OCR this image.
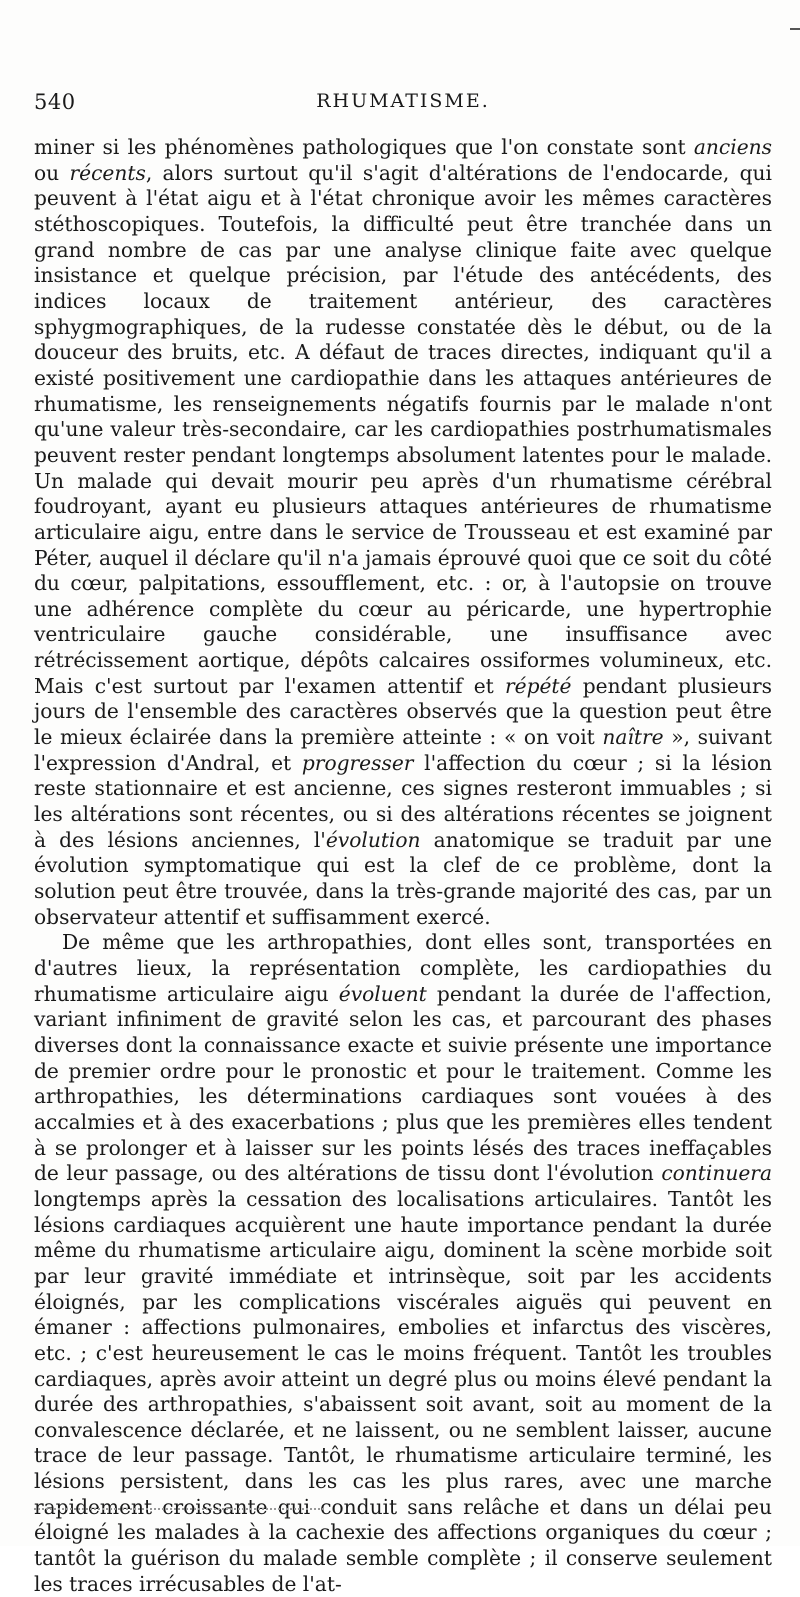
540	RHUMATISME.

miner si les phénomènes pathologiques que l'on constate sont anciens ou récents, alors surtout qu'il s'agit d'altérations de l'endocarde, qui peuvent à l'état aigu et à l'état chronique avoir les mêmes caractères stéthoscopiques. Toutefois, la difficulté peut être tranchée dans un grand nombre de cas par une analyse clinique faite avec quelque insistance et quelque précision, par l'étude des antécédents, des indices locaux de traitement antérieur, des caractères sphygmographiques, de la rudesse constatée dès le début, ou de la douceur des bruits, etc. A défaut de traces directes, indiquant qu'il a existé positivement une cardiopathie dans les attaques antérieures de rhumatisme, les renseignements négatifs fournis par le malade n'ont qu'une valeur très-secondaire, car les cardiopathies postrhumatismales peuvent rester pendant longtemps absolument latentes pour le malade. Un malade qui devait mourir peu après d'un rhumatisme cérébral foudroyant, ayant eu plusieurs attaques antérieures de rhumatisme articulaire aigu, entre dans le service de Trousseau et est examiné par Péter, auquel il déclare qu'il n'a jamais éprouvé quoi que ce soit du côté du cœur, palpitations, essoufflement, etc. : or, à l'autopsie on trouve une adhérence complète du cœur au péricarde, une hypertrophie ventriculaire gauche considérable, une insuffisance avec rétrécissement aortique, dépôts calcaires ossiformes volumineux, etc. Mais c'est surtout par l'examen attentif et répété pendant plusieurs jours de l'ensemble des caractères observés que la question peut être le mieux éclairée dans la première atteinte : « on voit naître », suivant l'expression d'Andral, et progresser l'affection du cœur ; si la lésion reste stationnaire et est ancienne, ces signes resteront immuables ; si les altérations sont récentes, ou si des altérations récentes se joignent à des lésions anciennes, l'évolution anatomique se traduit par une évolution symptomatique qui est la clef de ce problème, dont la solution peut être trouvée, dans la très-grande majorité des cas, par un observateur attentif et suffisamment exercé.

De même que les arthropathies, dont elles sont, transportées en d'autres lieux, la représentation complète, les cardiopathies du rhumatisme articulaire aigu évoluent pendant la durée de l'affection, variant infiniment de gravité selon les cas, et parcourant des phases diverses dont la connaissance exacte et suivie présente une importance de premier ordre pour le pronostic et pour le traitement. Comme les arthropathies, les déterminations cardiaques sont vouées à des accalmies et à des exacerbations ; plus que les premières elles tendent à se prolonger et à laisser sur les points lésés des traces ineffaçables de leur passage, ou des altérations de tissu dont l'évolution continuera longtemps après la cessation des localisations articulaires. Tantôt les lésions cardiaques acquièrent une haute importance pendant la durée même du rhumatisme articulaire aigu, dominent la scène morbide soit par leur gravité immédiate et intrinsèque, soit par les accidents éloignés, par les complications viscérales aiguës qui peuvent en émaner : affections pulmonaires, embolies et infarctus des viscères, etc. ; c'est heureusement le cas le moins fréquent. Tantôt les troubles cardiaques, après avoir atteint un degré plus ou moins élevé pendant la durée des arthropathies, s'abaissent soit avant, soit au moment de la convalescence déclarée, et ne laissent, ou ne semblent laisser, aucune trace de leur passage. Tantôt, le rhumatisme articulaire terminé, les lésions persistent, dans les cas les plus rares, avec une marche rapidement croissante qui conduit sans relâche et dans un délai peu éloigné les malades à la cachexie des affections organiques du cœur ; tantôt la guérison du malade semble complète ; il conserve seulement les traces irrécusables de l'at-
